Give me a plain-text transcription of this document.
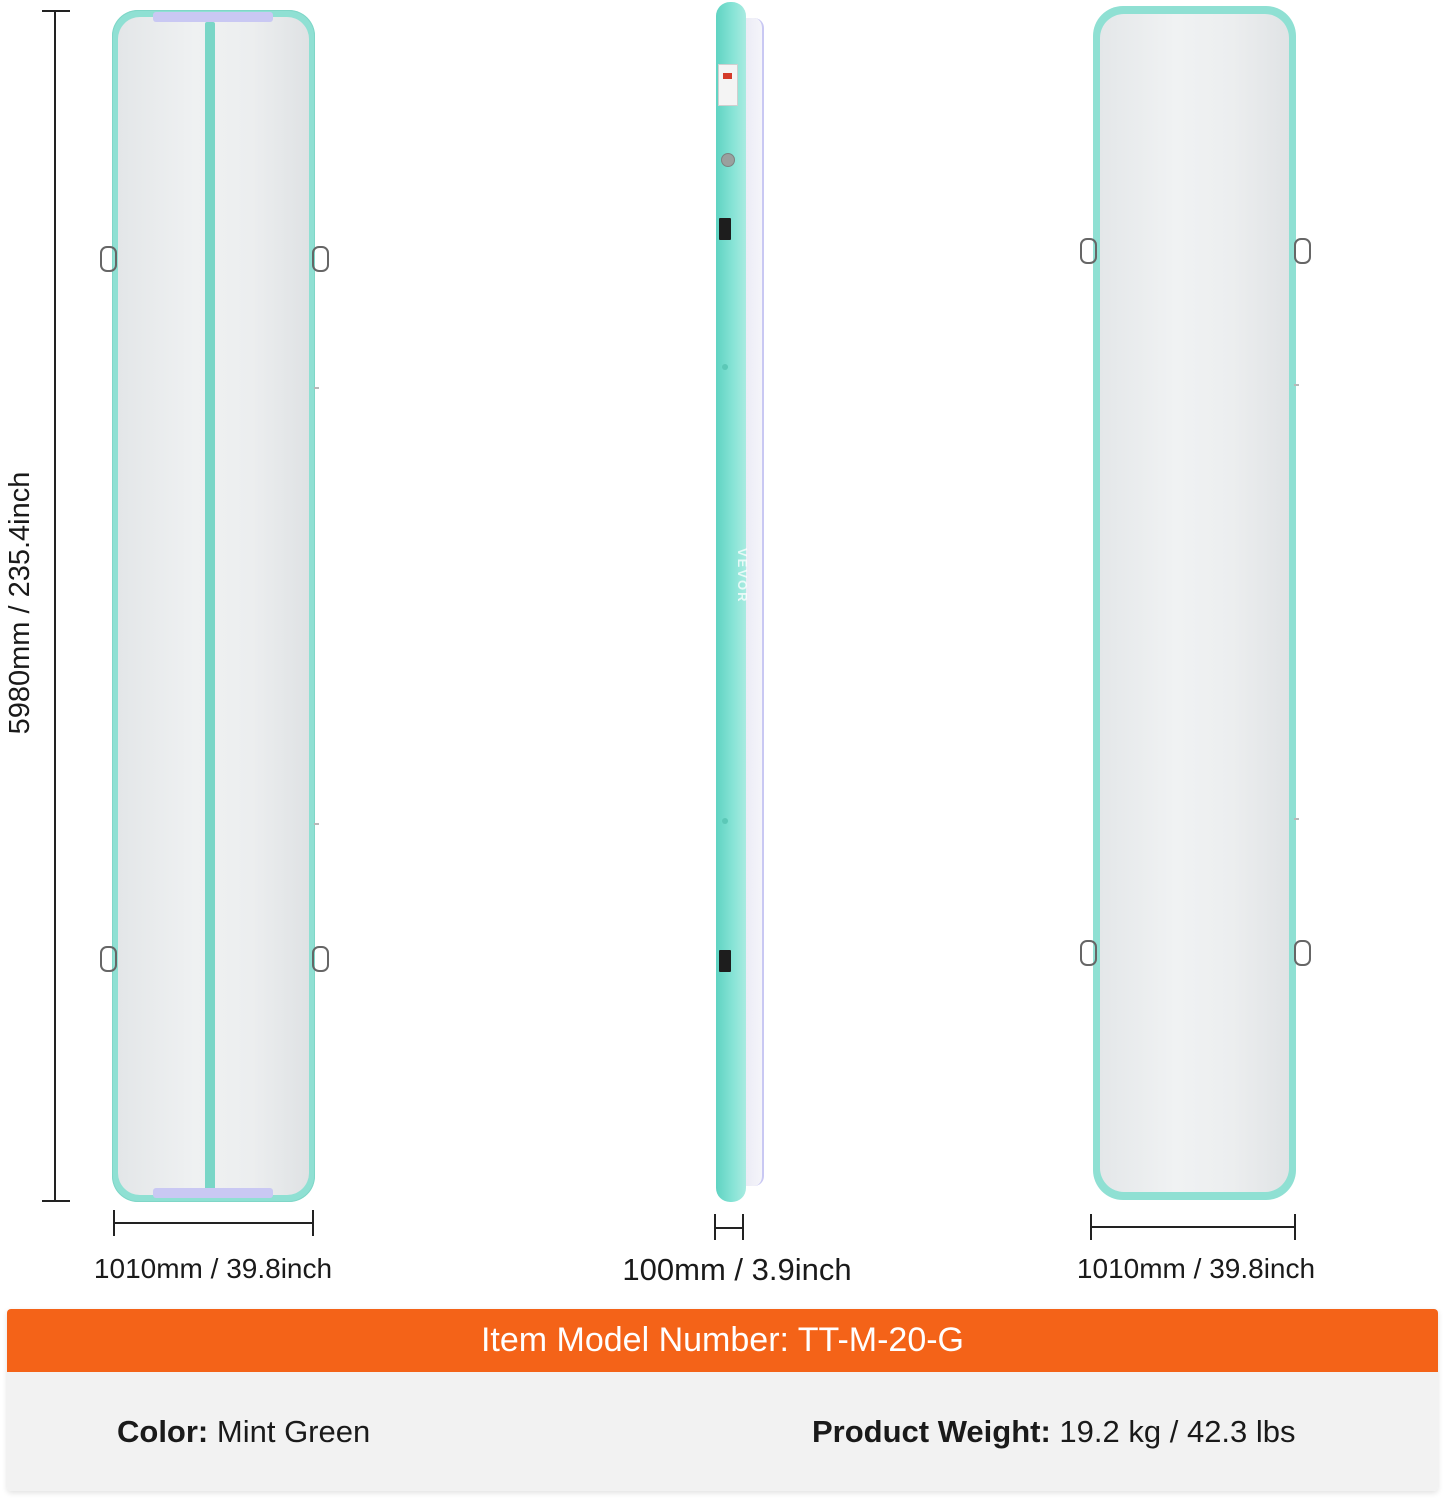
VEVOR
5980mm / 235.4inch
1010mm / 39.8inch	100mm / 3.9inch	1010mm / 39.8inch
Item Model Number: TT-M-20-G
Color: Mint Green	Product Weight: 19.2 kg / 42.3 lbs
